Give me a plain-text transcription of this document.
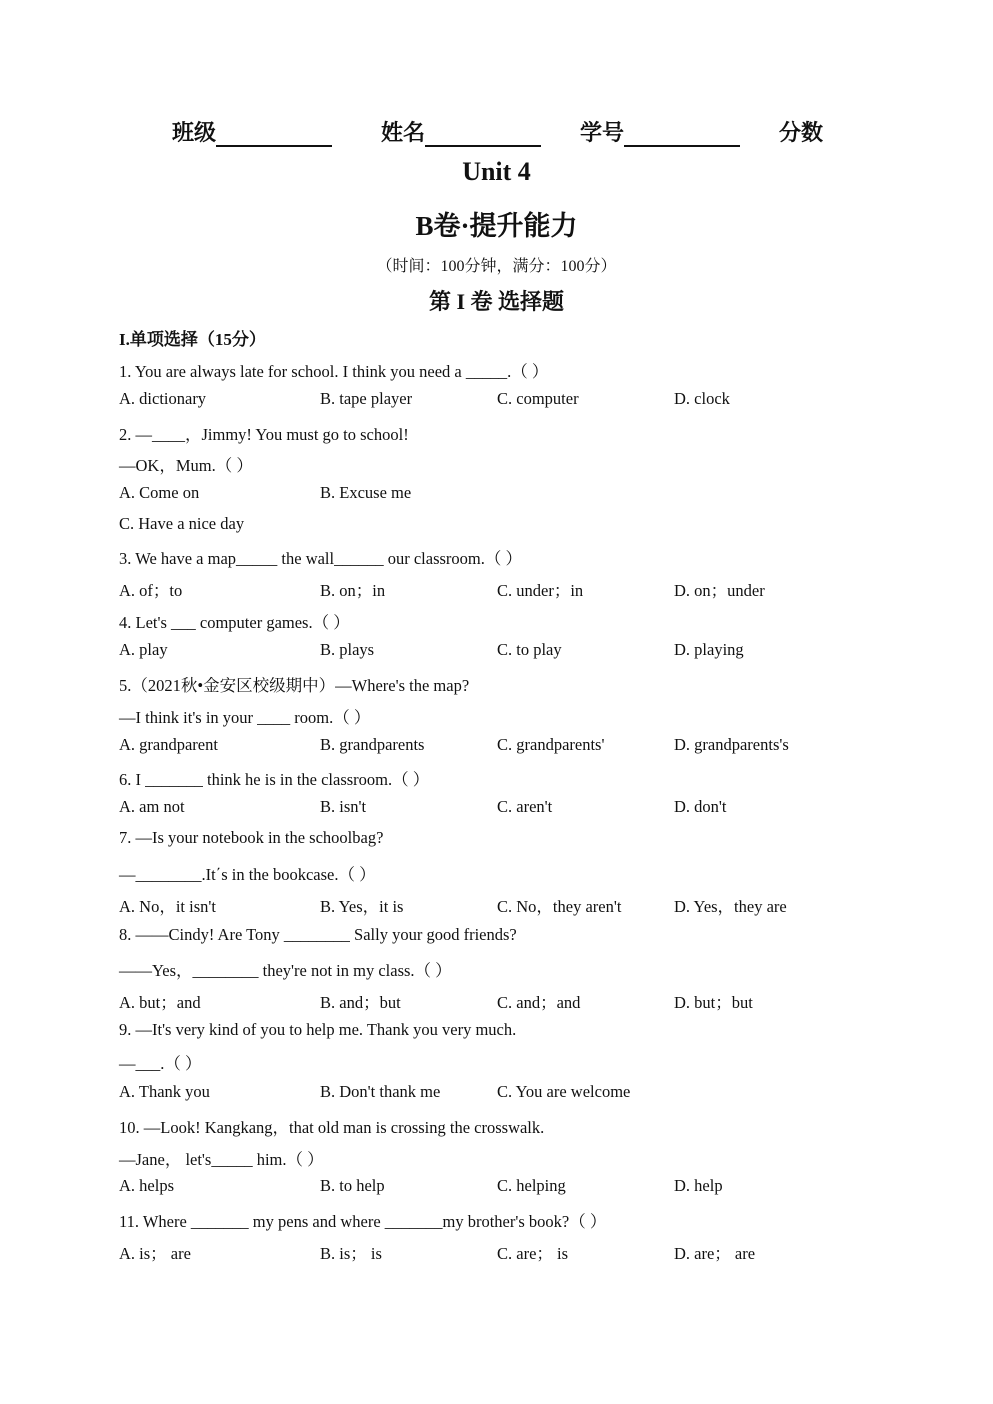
班级	姓名	学号	分数
Unit 4
B卷·提升能力
（时间：100分钟，满分：100分）
第 I 卷 选择题
I.单项选择（15分）
1. You are always late for school. I think you need a _____.（ ）
A. dictionary	B. tape player	C. computer	D. clock
2. —____，Jimmy! You must go to school!
—OK，Mum.（ ）
A. Come on	B. Excuse me
C. Have a nice day
3. We have a map_____ the wall______ our classroom.（ ）
A. of；to	B. on；in	C. under；in	D. on；under
4. Let's ___ computer games.（ ）
A. play	B. plays	C. to play	D. playing
5.（2021秋•金安区校级期中）—Where's the map?
—I think it's in your ____ room.（ ）
A. grandparent	B. grandparents	C. grandparents'	D. grandparents's
6. I _______ think he is in the classroom.（ ）
A. am not	B. isn't	C. aren't	D. don't
7. —Is your notebook in the schoolbag?
—________.It΄s in the bookcase.（ ）
A. No，it isn't	B. Yes，it is	C. No，they aren't	D. Yes，they are
8. ——Cindy! Are Tony ________ Sally your good friends?
——Yes，________ they're not in my class.（ ）
A. but；and	B. and；but	C. and；and	D. but；but
9. —It's very kind of you to help me. Thank you very much.
—___.（ ）
A. Thank you	B. Don't thank me	C. You are welcome
10. —Look! Kangkang，that old man is crossing the crosswalk.
—Jane， let's_____ him.（ ）
A. helps	B. to help	C. helping	D. help
11. Where _______ my pens and where _______my brother's book?（ ）
A. is； are	B. is； is	C. are； is	D. are； are
